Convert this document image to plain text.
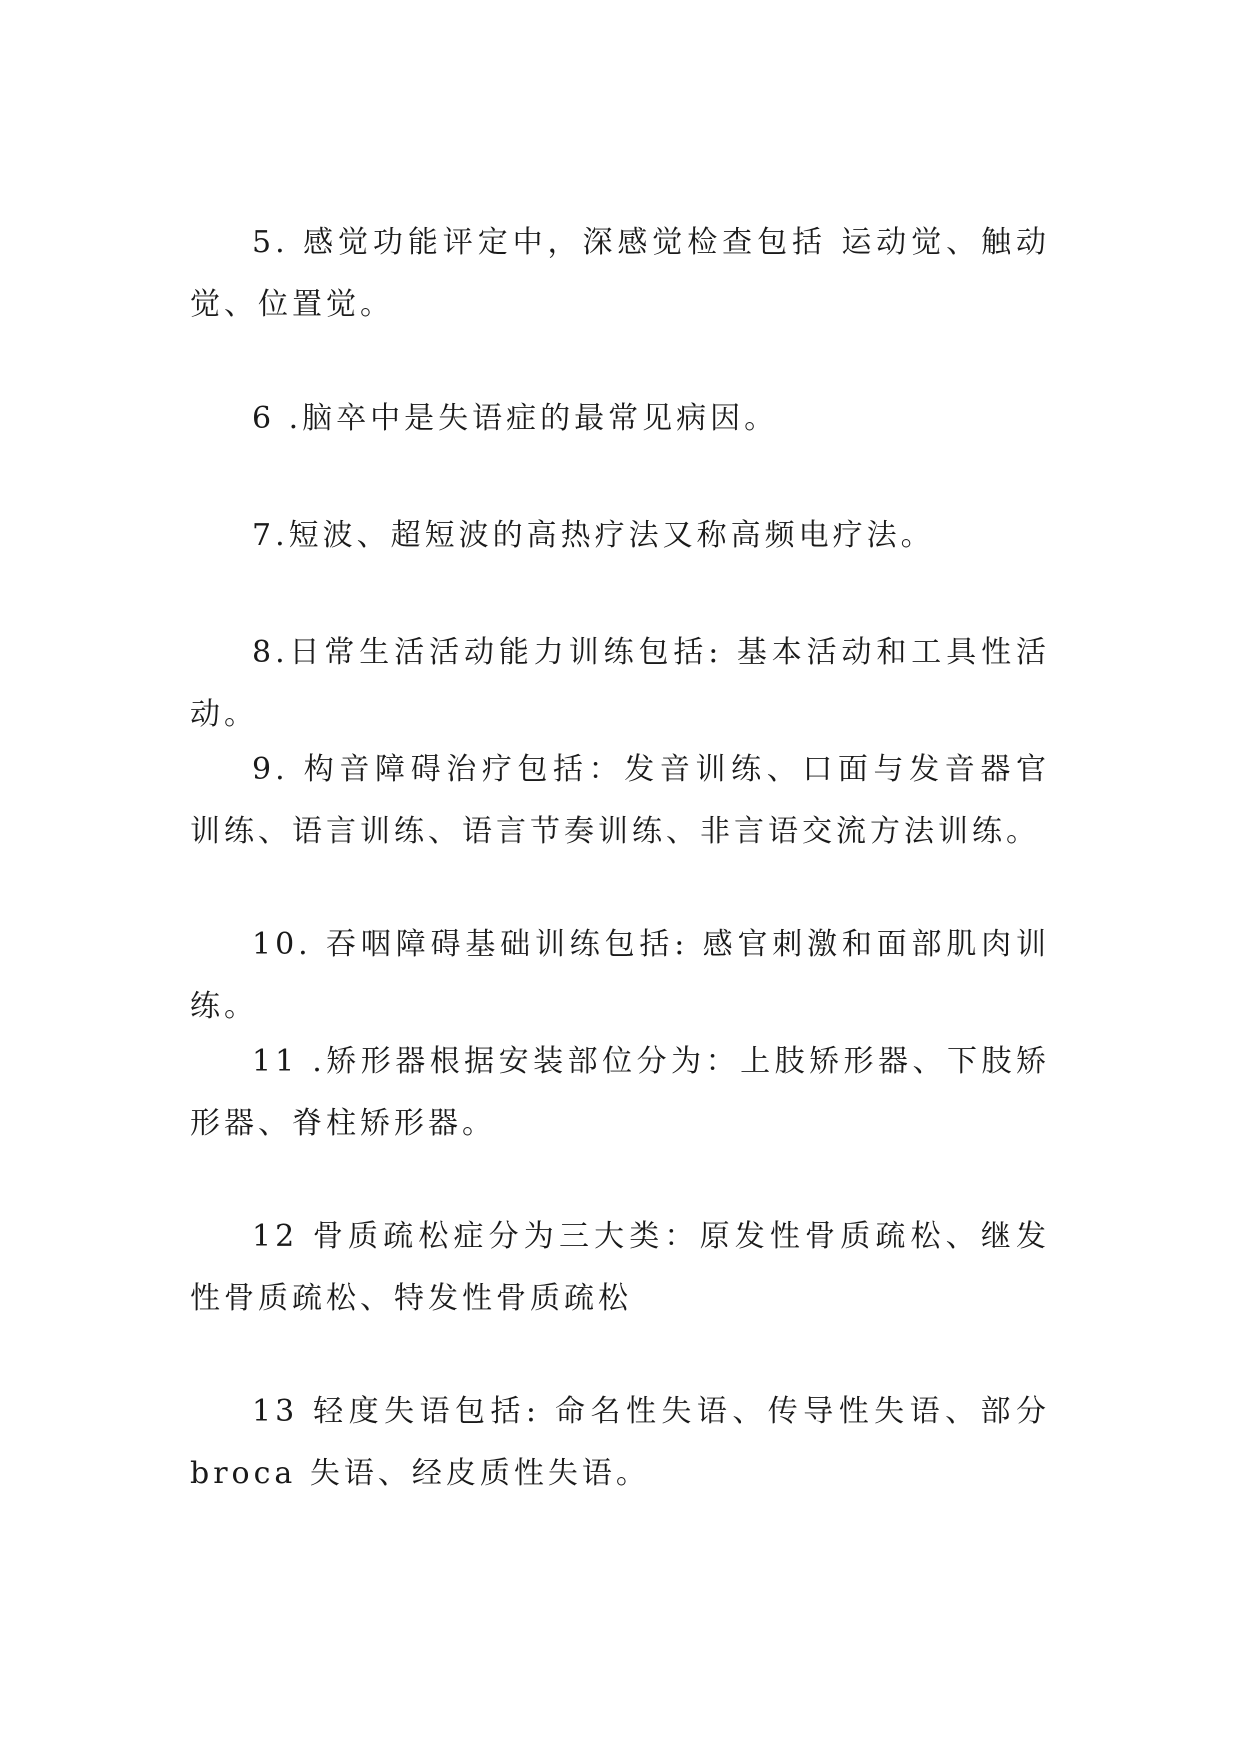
5. 感觉功能评定中，深感觉检查包括 运动觉、触动觉、位置觉。

6 .脑卒中是失语症的最常见病因。

7.短波、超短波的高热疗法又称高频电疗法。

8.日常生活活动能力训练包括: 基本活动和工具性活动。

9. 构音障碍治疗包括：发音训练、口面与发音器官训练、语言训练、语言节奏训练、非言语交流方法训练。

10. 吞咽障碍基础训练包括: 感官刺激和面部肌肉训练。

11 .矫形器根据安装部位分为：上肢矫形器、下肢矫形器、脊柱矫形器。

12 骨质疏松症分为三大类：原发性骨质疏松、继发性骨质疏松、特发性骨质疏松

13 轻度失语包括: 命名性失语、传导性失语、部分 broca 失语、经皮质性失语。
